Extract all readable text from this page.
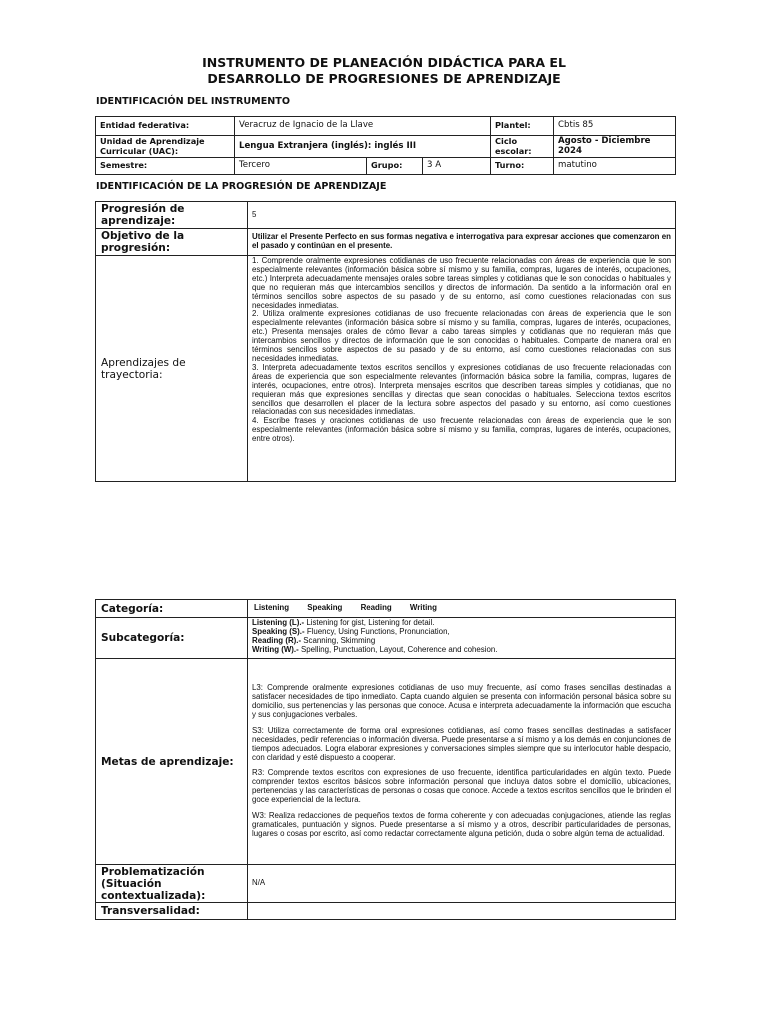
INSTRUMENTO DE PLANEACIÓN DIDÁCTICA PARA EL
DESARROLLO DE PROGRESIONES DE APRENDIZAJE
IDENTIFICACIÓN DEL INSTRUMENTO
Entidad federativa:	Veracruz de Ignacio de la Llave			Plantel:	Cbtis 85

Unidad de Aprendizaje
Curricular (UAC):	Lengua Extranjera (inglés): inglés III			Ciclo
escolar:	Agosto - Diciembre
2024

Semestre:	Tercero	Grupo:	3 A	Turno:	matutino
IDENTIFICACIÓN DE LA PROGRESIÓN DE APRENDIZAJE
Progresión de
aprendizaje:	5

Objetivo de la
progresión:	Utilizar el Presente Perfecto en sus formas negativa e interrogativa para expresar acciones que comenzaron en el pasado y continúan en el presente.

Aprendizajes de
trayectoria:	1. Comprende oralmente expresiones cotidianas de uso frecuente relacionadas con áreas de experiencia que le son especialmente relevantes (información básica sobre sí mismo y su familia, compras, lugares de interés, ocupaciones, etc.) Interpreta adecuadamente mensajes orales sobre tareas simples y cotidianas que le son conocidas o habituales y que no requieran más que intercambios sencillos y directos de información. Da sentido a la información oral en términos sencillos sobre aspectos de su pasado y de su entorno, así como cuestiones relacionadas con sus necesidades inmediatas.
2. Utiliza oralmente expresiones cotidianas de uso frecuente relacionadas con áreas de experiencia que le son especialmente relevantes (información básica sobre sí mismo y su familia, compras, lugares de interés, ocupaciones, etc.) Presenta mensajes orales de cómo llevar a cabo tareas simples y cotidianas que no requieran más que intercambios sencillos y directos de información que le son conocidas o habituales. Comparte de manera oral en términos sencillos sobre aspectos de su pasado y de su entorno, así como cuestiones relacionadas con sus necesidades inmediatas.
3. Interpreta adecuadamente textos escritos sencillos y expresiones cotidianas de uso frecuente relacionadas con áreas de experiencia que son especialmente relevantes (información básica sobre la familia, compras, lugares de interés, ocupaciones, entre otros). Interpreta mensajes escritos que describen tareas simples y cotidianas, que no requieran más que expresiones sencillas y directas que sean conocidas o habituales. Selecciona textos escritos sencillos que desarrollen el placer de la lectura sobre aspectos del pasado y su entorno, así como cuestiones relacionadas con sus necesidades inmediatas.
4. Escribe frases y oraciones cotidianas de uso frecuente relacionadas con áreas de experiencia que le son especialmente relevantes (información básica sobre sí mismo y su familia, compras, lugares de interés, ocupaciones, entre otros).
Categoría:	Listening Speaking Reading Writing
Subcategoría:	Listening (L).- Listening for gist, Listening for detail.
Speaking (S).- Fluency, Using Functions, Pronunciation,
Reading (R).- Scanning, Skimming
Writing (W).- Spelling, Punctuation, Layout, Coherence and cohesion.

Metas de aprendizaje:	L3: Comprende oralmente expresiones cotidianas de uso muy frecuente, así como frases sencillas destinadas a satisfacer necesidades de tipo inmediato. Capta cuando alguien se presenta con información personal básica sobre su domicilio, sus pertenencias y las personas que conoce. Acusa e interpreta adecuadamente la información que escucha y sus conjugaciones verbales.

S3: Utiliza correctamente de forma oral expresiones cotidianas, así como frases sencillas destinadas a satisfacer necesidades, pedir referencias o información diversa. Puede presentarse a sí mismo y a los demás en conjunciones de tiempos adecuados. Logra elaborar expresiones y conversaciones simples siempre que su interlocutor hable despacio, con claridad y esté dispuesto a cooperar.

R3: Comprende textos escritos con expresiones de uso frecuente, identifica particularidades en algún texto. Puede comprender textos escritos básicos sobre información personal que incluya datos sobre el domicilio, ubicaciones, pertenencias y las características de personas o cosas que conoce. Accede a textos escritos sencillos que le brinden el goce experiencial de la lectura.

W3: Realiza redacciones de pequeños textos de forma coherente y con adecuadas conjugaciones, atiende las reglas gramaticales, puntuación y signos. Puede presentarse a sí mismo y a otros, describir particularidades de personas, lugares o cosas por escrito, así como redactar correctamente alguna petición, duda o sobre algún tema de actualidad.

Problematización
(Situación
contextualizada):	N/A
Transversalidad:	
